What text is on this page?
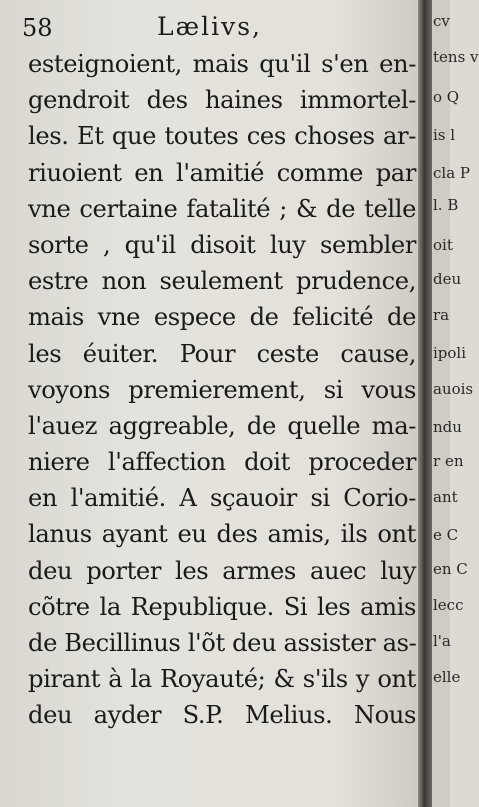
58	Lælivs,
esteignoient, mais qu'il s'en en-
gendroit des haines immortel-
les. Et que toutes ces choses ar-
riuoient en l'amitié comme par
vne certaine fatalité ; & de telle
sorte , qu'il disoit luy sembler
estre non seulement prudence,
mais vne espece de felicité de
les éuiter. Pour ceste cause,
voyons premierement, si vous
l'auez aggreable, de quelle ma-
niere l'affection doit proceder
en l'amitié. A sçauoir si Corio-
lanus ayant eu des amis, ils ont
deu porter les armes auec luy
cõtre la Republique. Si les amis
de Becillinus l'õt deu assister as-
pirant à la Royauté; & s'ils y ont
deu ayder S.P. Melius. Nous
cv
tens v
o Q
is l
cla P
l. B
oit
deu
ra
ipoli
auois
ndu
r en
ant
e C
en C
lecc
l'a
elle
